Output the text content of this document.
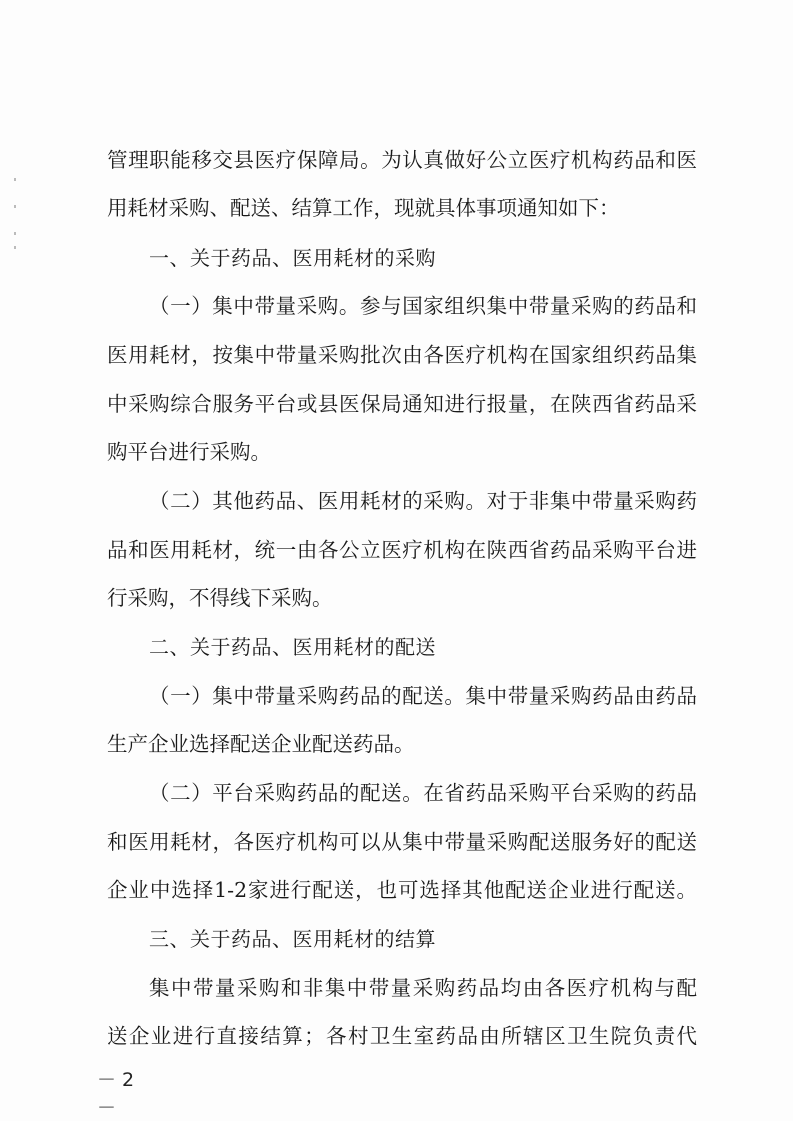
管理职能移交县医疗保障局。为认真做好公立医疗机构药品和医
用耗材采购、配送、结算工作，现就具体事项通知如下：
一、关于药品、医用耗材的采购
（一）集中带量采购。参与国家组织集中带量采购的药品和
医用耗材，按集中带量采购批次由各医疗机构在国家组织药品集
中采购综合服务平台或县医保局通知进行报量，在陕西省药品采
购平台进行采购。
（二）其他药品、医用耗材的采购。对于非集中带量采购药
品和医用耗材，统一由各公立医疗机构在陕西省药品采购平台进
行采购，不得线下采购。
二、关于药品、医用耗材的配送
（一）集中带量采购药品的配送。集中带量采购药品由药品
生产企业选择配送企业配送药品。
（二）平台采购药品的配送。在省药品采购平台采购的药品
和医用耗材，各医疗机构可以从集中带量采购配送服务好的配送
企业中选择1-2家进行配送，也可选择其他配送企业进行配送。
三、关于药品、医用耗材的结算
集中带量采购和非集中带量采购药品均由各医疗机构与配
送企业进行直接结算；各村卫生室药品由所辖区卫生院负责代
－ 2 －
